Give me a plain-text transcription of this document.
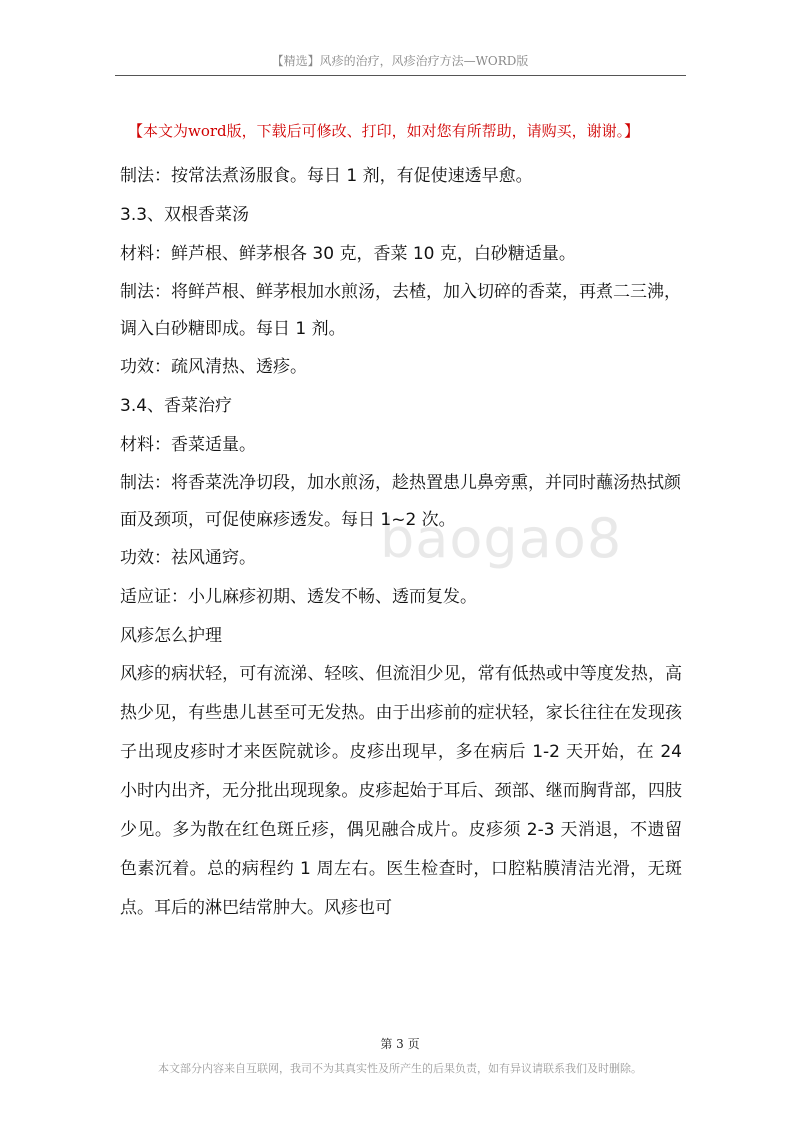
【精选】风疹的治疗，风疹治疗方法—WORD版
【本文为word版，下载后可修改、打印，如对您有所帮助，请购买，谢谢。】
baogao8

制法：按常法煮汤服食。每日 1 剂，有促使速透早愈。

3.3、双根香菜汤

材料：鲜芦根、鲜茅根各 30 克，香菜 10 克，白砂糖适量。

制法：将鲜芦根、鲜茅根加水煎汤，去楂，加入切碎的香菜，再煮二三沸，调入白砂糖即成。每日 1 剂。

功效：疏风清热、透疹。

3.4、香菜治疗

材料：香菜适量。

制法：将香菜洗净切段，加水煎汤，趁热置患儿鼻旁熏，并同时蘸汤热拭颜面及颈项，可促使麻疹透发。每日 1~2 次。

功效：祛风通窍。

适应证：小儿麻疹初期、透发不畅、透而复发。

风疹怎么护理

风疹的病状轻，可有流涕、轻咳、但流泪少见，常有低热或中等度发热，高热少见，有些患儿甚至可无发热。由于出疹前的症状轻，家长往往在发现孩子出现皮疹时才来医院就诊。皮疹出现早，多在病后 1-2 天开始，在 24 小时内出齐，无分批出现现象。皮疹起始于耳后、颈部、继而胸背部，四肢少见。多为散在红色斑丘疹，偶见融合成片。皮疹须 2-3 天消退，不遗留色素沉着。总的病程约 1 周左右。医生检查时，口腔粘膜清洁光滑，无斑点。耳后的淋巴结常肿大。风疹也可

第 3 页
本文部分内容来自互联网，我司不为其真实性及所产生的后果负责，如有异议请联系我们及时删除。
